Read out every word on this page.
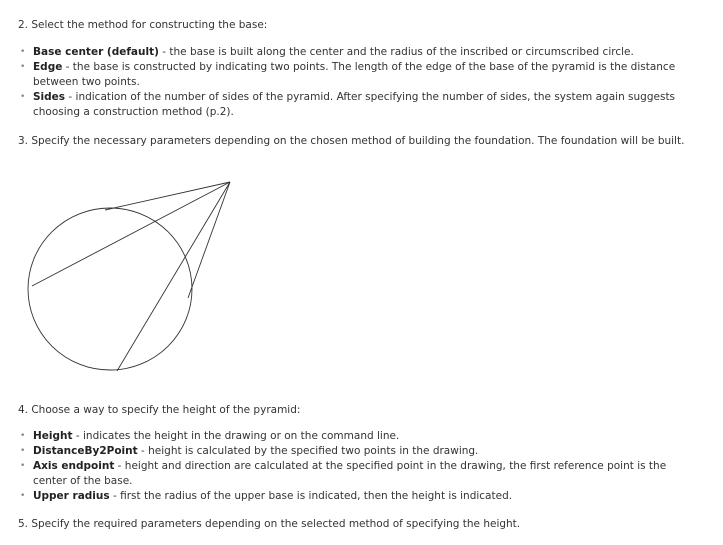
2. Select the method for constructing the base:

• Base center (default) - the base is built along the center and the radius of the inscribed or circumscribed circle.
• Edge - the base is constructed by indicating two points. The length of the edge of the base of the pyramid is the distance between two points.
• Sides - indication of the number of sides of the pyramid. After specifying the number of sides, the system again suggests choosing a construction method (p.2).

3. Specify the necessary parameters depending on the chosen method of building the foundation. The foundation will be built.

4. Choose a way to specify the height of the pyramid:

• Height - indicates the height in the drawing or on the command line.
• DistanceBy2Point - height is calculated by the specified two points in the drawing.
• Axis endpoint - height and direction are calculated at the specified point in the drawing, the first reference point is the center of the base.
• Upper radius - first the radius of the upper base is indicated, then the height is indicated.

5. Specify the required parameters depending on the selected method of specifying the height.
